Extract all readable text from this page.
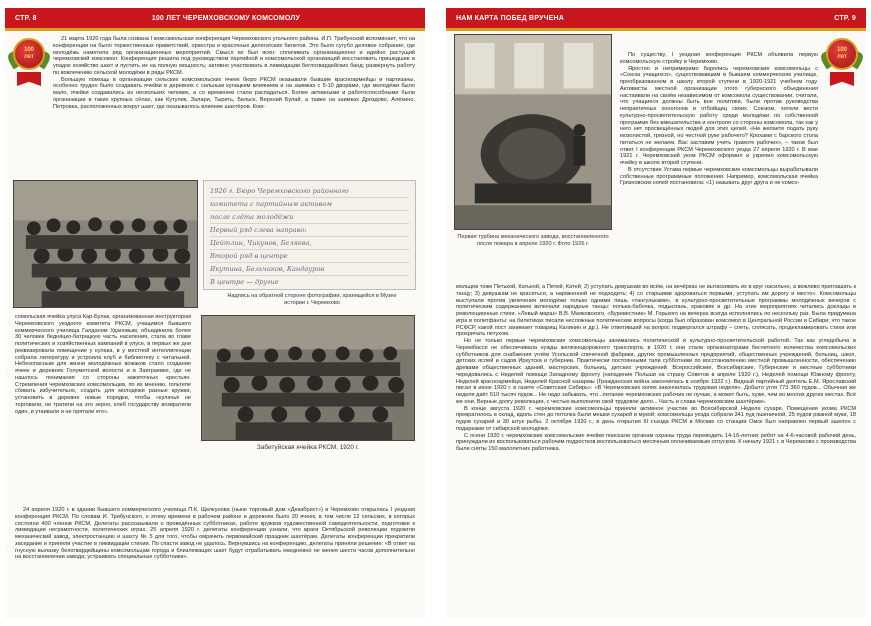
СТР. 8	100 ЛЕТ ЧЕРЕМХОВСКОМУ КОМСОМОЛУ
100
лет

21 марта 1920 года была созвана I комсомольская конференция Черемховского угольного района. И.П. Трибунский вспоминает, что на конференции на было торжественных приветствий, оркестра и красочных делегатских билетов. Это было сугубо деловое собрание, где молодёжь наметила ряд организационных мероприятий. Смысл их был ясен: сплачивать организационно и идейно растущий черемховский комсомол. Конференция решила под руководством партийной и комсомольской организаций восстановить пришедшие в упадок хозяйство шахт и пустить их на полную мощность; активно участвовать в ликвидации беглогвардейских банд; развернуть работу по вовлечению сельской молодёжи в ряды РКСМ.

Большую помощь в организации сельских комсомольских ячеек бюро РКСМ оказывали бывшие красноармейцы и партизаны, особенно трудно было создавать ячейки в деревнях с сильным кулацким влиянием и на заимках с 5-10 дворами, где молодёжи было мало, ячейки создавались из нескольких человек, а со временем стали распадаться. Более активными и работоспособными были организации в таких крупных сёлах, как Кутулик, Залари, Тыреть, Бельск, Верхний Булай, а также на заимках Дроздово, Алёхино, Петровка, расположенных вокруг шахт, где оказывалось влияние шахтёров. Ком-

1926 г. Бюро Черемховского районного
комитета с партийным активом
после слёта молодёжи
Первый ряд слева направо:
Цейтлин, Чикунов, Беляева,
Второй ряд в центре
Якутина, Бельчиков, Кандауров
В центре — другие
Надпись на обратной стороне фотографии, хранящейся в Музее истории г. Черемхово

сомольская ячейка улуса Кар-Булак, организованная инструктором Черемховского уездного комитета РКСМ, учащимся бывшего коммерческого училища Галданом Удановым, объединила более 30 человек бедняцко-батрацкую часть населения, стала во главе политических и хозяйственных кампаний в улусе, в первых же дни реквизировала помещение у кулака, в у местной интеллигенции собрала литературу и устроила клуб и библиотеку с читальней. Небезопасным для жизни молодёжных вожаков стало создание ячеек в деревнях Голуметской волости и в Заиграевке, где не нашлось понимания со стороны зажиточных крестьян. Стремления черемховских комсомольцев, по их мнению, гольтепе сбивать избучительно, создать для молодёжи разные кружки, установить в деревне новые порядки, чтобы «кулачьё не торговали, не тратили на это зерно, клеб государству возвратили один, и утаивали и не прятали его».

Забитуйская ячейка РКСМ, 1920 г.

24 апреля 1920 г. в здании бывшего коммерческого училища П.К. Щелкунова (ныне торговый дом «Декабрист») в Черемхово открылась I уездная конференция РКСМ. По словам И. Трибунского, к этому времени в рабочем районе и деревнях было 20 ячеек, в том числе 12 сельских, в которых состояли 400 членов РКСМ. Делегаты рассказывали о проведённых субботниках, работе кружков художественной самодеятельности, подготовке к ликвидации неграмотности, политических играх. 25 апреля 1920 г. делегаты конференции узнали, что враги Октябрьской революции подожгли механический завод, электростанцию и шахту № 5 для того, чтобы омрачить первомайский праздник шахтёрам. Делегаты конференции прекратили заседание и приняли участие в ликвидации стихии. По спасти завод не удалось. Вернувшись на конференцию, делегаты приняли решение: «В ответ на гнусную вылазку белогвардейщины комсомольцам города и близлежащих шахт будут отрабатывать ежедневно не менее шести часов дополнительно на восстановлении завода; устраивать специальные субботники».

НАМ КАРТА ПОБЕД ВРУЧЕНА	СТР. 9
100
лет
Первая турбина механического завода, восстановленного после пожара в апреле 1920 г. Фото 1926 г.

По существу, I уездная конференция РКСМ объявила первую комсомольскую стройку в Черемхово.

Яростно и непримиримо боролись черемховские комсомольцы с «Союза учащихся», существовавшим в бывшем коммерческом училище, преобразованном в школу второй ступени в 1920-1921 учебном году. Активисты местной организации этого губернского объединения настаивали на своём независимом от комсомола существовании, считали, что учащиеся должны быть вне политики, были против руководства непрактичных хоногонов и отбойщиц своих. Союзом, хотели вести культурно-просветительскую работу среди молодёжи по собственной программе без вмешательства и контроля со стороны комсомола, так как у него нет просвещённых людей для этих целей. «Не желаете подать руку мозолистой, грязной, но честной руке рабочего? Крохами с барского стола питаться не желаем. Вас заставим учить грамоте рабочих», – таков был ответ I конференции РКСМ Черемховского уезда 27 апреля 1920 г. В мае 1921 г. Черемховский уком РКСМ оформил и укрепил комсомольскую ячейку в школе второй ступени.

В отсутствие Устава первые черемховские комсомольцы вырабатывали собственные программные положения. Например, комсомольская ячейка Грязновских копей постановила: «1) называть друг друга и не комсо-

мольцев тоже Петькой, Катькой, а Петей, Катей; 2) уступать девушкам во всём, на вечёрках не вытаскивать их в круг насильно, а вежливо приглашать к танцу; 3) девушкам не краситься, а наряженной не подходить; 4) со старшими здороваться первыми, уступать им дорогу и место». Комсомольцы выступали против увлечения молодёжи только одними лишь «тангульками», в культурно-просветительные программы молодёжных вечеров с политическим содержанием включали народные танцы: полька-бабочка, подыспань, краковяк и др. На этих мероприятиях читались доклады в революционные стихи. «Левый марш» В.В. Маяковского, «Буревестник» М. Горького на вечерах всегда исполнялись по нескольку раз. Была придумана игра в политфанты: на билетиках писали несложные политические вопросы (когда был образован комсомол в Центральной России и Сибири; что такое РСФСР, какой пост занимает товарищ Калинин и др.). Не ответивший на вопрос подвергался штрафу – спеть, сплясать, продекламировать стихи или прокричать петухом.

Но не только первые черемховские комсомольцы занимались политической и культурно-просветительской работой. Так как угледобыча в Черембассе не обеспечивала нужды железнодорожного транспорта, в 1920 г. они стали организаторами бесчетного количества комсомольских субботников для снабжения углём Усольской спичечной фабрики, других промышленных предприятий, общественных учреждений, больниц, школ, детских яслей и садов Иркутска и губернии. Практически постоянными тали субботники по восстановлению местной промышленности, обеспечению древами общественных зданий, мастерских, больниц, детских учреждений. Всероссийские, Всесибирские, Губернские и местные субботники чередовались с Неделей помощи Западному фронту (нападение Польши на страну Советов в апреле 1920 г.), Неделей помощи Южному фронту, Неделей красноармейца, Неделей Красной казармы (Гражданская война закончилась в ноябре 1922 г.). Видный партийный деятель Е.М. Ярославский писал в июне 1920 г. в газете «Советская Сибирь»: «В Черемховских копях закончилась трудовая неделя». Добыто угля 773 360 пудов... Обычная же неделя даёт 510 тысяч пудов... Не надо забывать, что...питание черемховских рабочих не лучше, а может быть, хуже, чем во многих других местах. Всё же они, Верные долгу революции, с честью выполнили свой трудовое дело... Часть и слава черемховским шахтёрам».

В конце августа 1920 г. черемховские комсомольцы приняли активное участие во Всесибирской Неделе сухаря. Помещения укома РКСМ превратилось в склад, вдоль стен до потолка были мешки сухарей и мукой; комсомольцы уезда собрали 341 пуд пшеничной, 25 пудов ржаной муки, 18 пудов сухарей и 30 штук рыбы. 2 октября 1920 г., в день открытия III съезда РКСМ в Москве со станции Омск был направлен первый эшелон с подарками от сибирской молодёжи.

С осени 1920 г. черемховские комсомольские ячейки поискали органам охраны труда переводить 14-16-летних ребят на 4-6-часовой рабочий день, принуждали их воспользоваться рабочим подростков воспользоваться месячным оплачиваемым отпуском. К началу 1921 г. в Черемхово с производства были сняты 150 малолетних работника.
